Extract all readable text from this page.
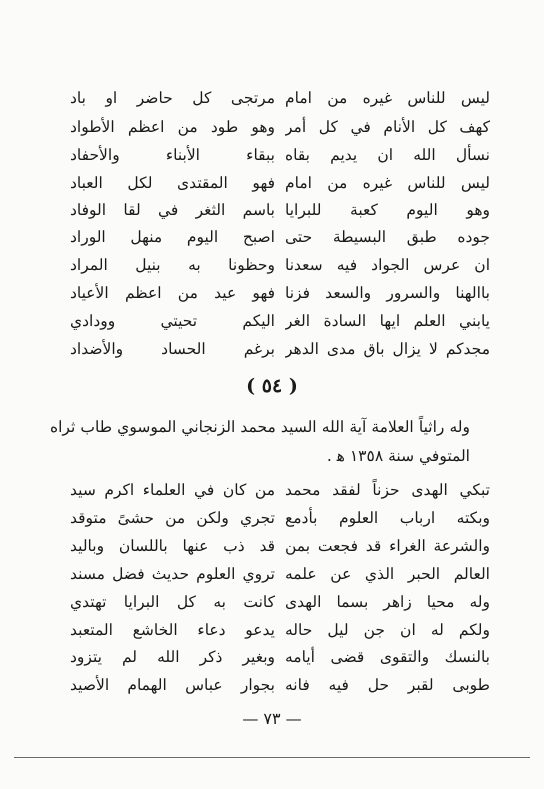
ليس للناس غيره من امام
مرتجى كل حاضر او باد
كهف كل الأنام في كل أمر
وهو طود من اعظم الأطواد
نسأل الله ان يديم بقاه
ببقاء الأبناء والأحفاد
ليس للناس غيره من امام
فهو المقتدى لكل العباد
وهو اليوم كعبة للبرايا
باسم الثغر في لقا الوفاد
جوده طبق البسيطة حتى
اصبح اليوم منهل الوراد
ان عرس الجواد فيه سعدنا
وحظونا به بنيل المراد
باالهنا والسرور والسعد فزنا
فهو عيد من اعظم الأعياد
يابني العلم ايها السادة الغر
اليكم تحيتي وودادي
مجدكم لا يزال باق مدى الدهر
برغم الحساد والأضداد
( ٥٤ )
وله راثياً العلامة آية الله السيد محمد الزنجاني الموسوي طاب ثراه
المتوفي سنة ١٣٥٨ ﻫ .
تبكي الهدى حزناً لفقد محمد
من كان في العلماء اكرم سيد
وبكته ارباب العلوم بأدمع
تجري ولكن من حشىً متوقد
والشرعة الغراء قد فجعت بمن
قد ذب عنها باللسان وباليد
العالم الحبر الذي عن علمه
تروي العلوم حديث فضل مسند
وله محيا زاهر بسما الهدى
كانت به كل البرايا تهتدي
ولكم له ان جن ليل حاله
يدعو دعاء الخاشع المتعبد
بالنسك والتقوى قضى أيامه
وبغير ذكر الله لم يتزود
طوبى لقبر حل فيه فانه
بجوار عباس الهمام الأصيد
— ٧٣ —
